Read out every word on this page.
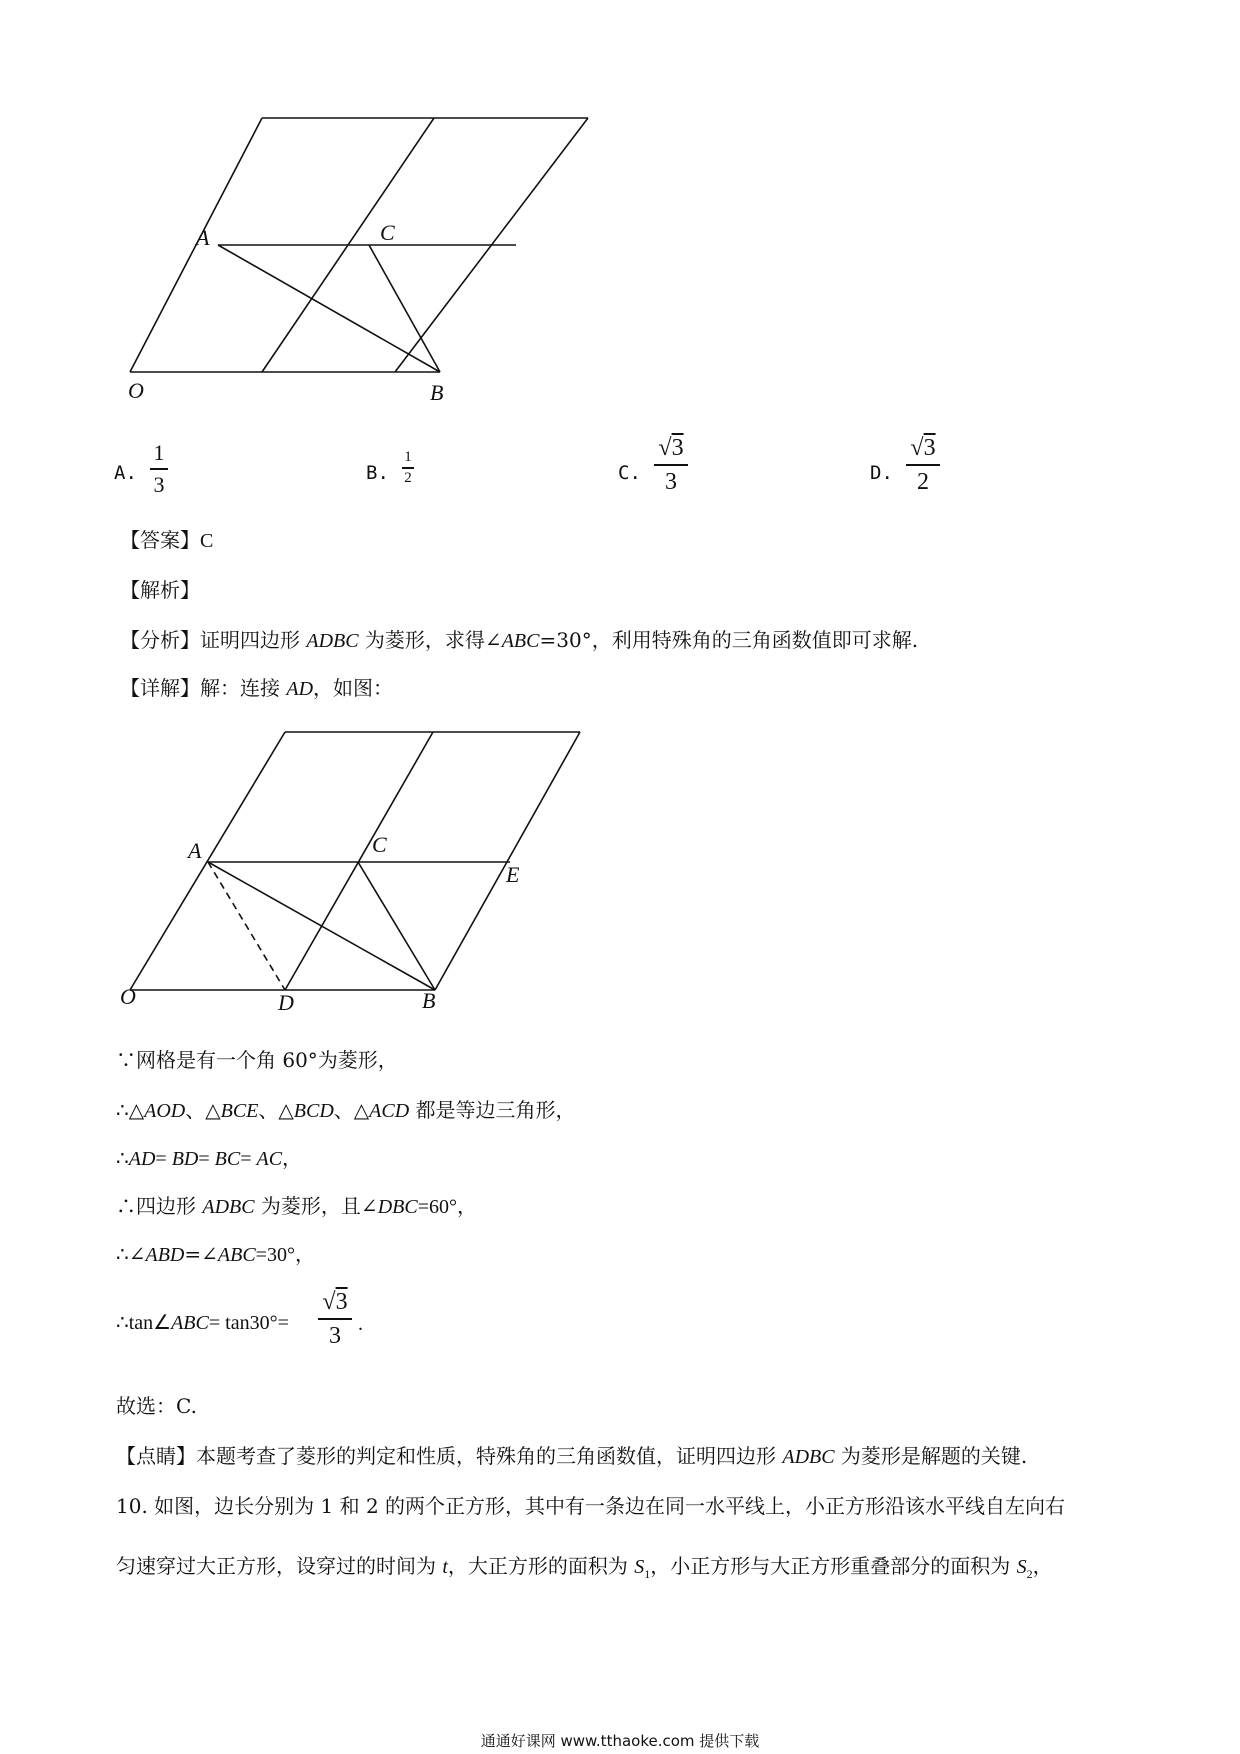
A	C
O	B
A.
1
3	B.
1
2	C.
√3
3	D.
√3
2
【答案】C
【解析】
【分析】证明四边形 ADBC 为菱形，求得∠ABC=30°，利用特殊角的三角函数值即可求解.
【详解】解：连接 AD，如图：
A	C
E
O	D	B
∵网格是有一个角 60°为菱形，
∴△AOD、△BCE、△BCD、△ACD 都是等边三角形，
∴AD= BD= BC= AC，
∴四边形 ADBC 为菱形，且∠DBC=60°，
∴∠ABD=∠ABC=30°，
∴tan∠ABC= tan30°=
√3
3 .
故选：C.
【点睛】本题考查了菱形的判定和性质，特殊角的三角函数值，证明四边形 ADBC 为菱形是解题的关键.
10. 如图，边长分别为 1 和 2 的两个正方形，其中有一条边在同一水平线上，小正方形沿该水平线自左向右
匀速穿过大正方形，设穿过的时间为 t，大正方形的面积为 $S_1$，小正方形与大正方形重叠部分的面积为 $S_2$，
通通好课网 www.tthaoke.com 提供下载
